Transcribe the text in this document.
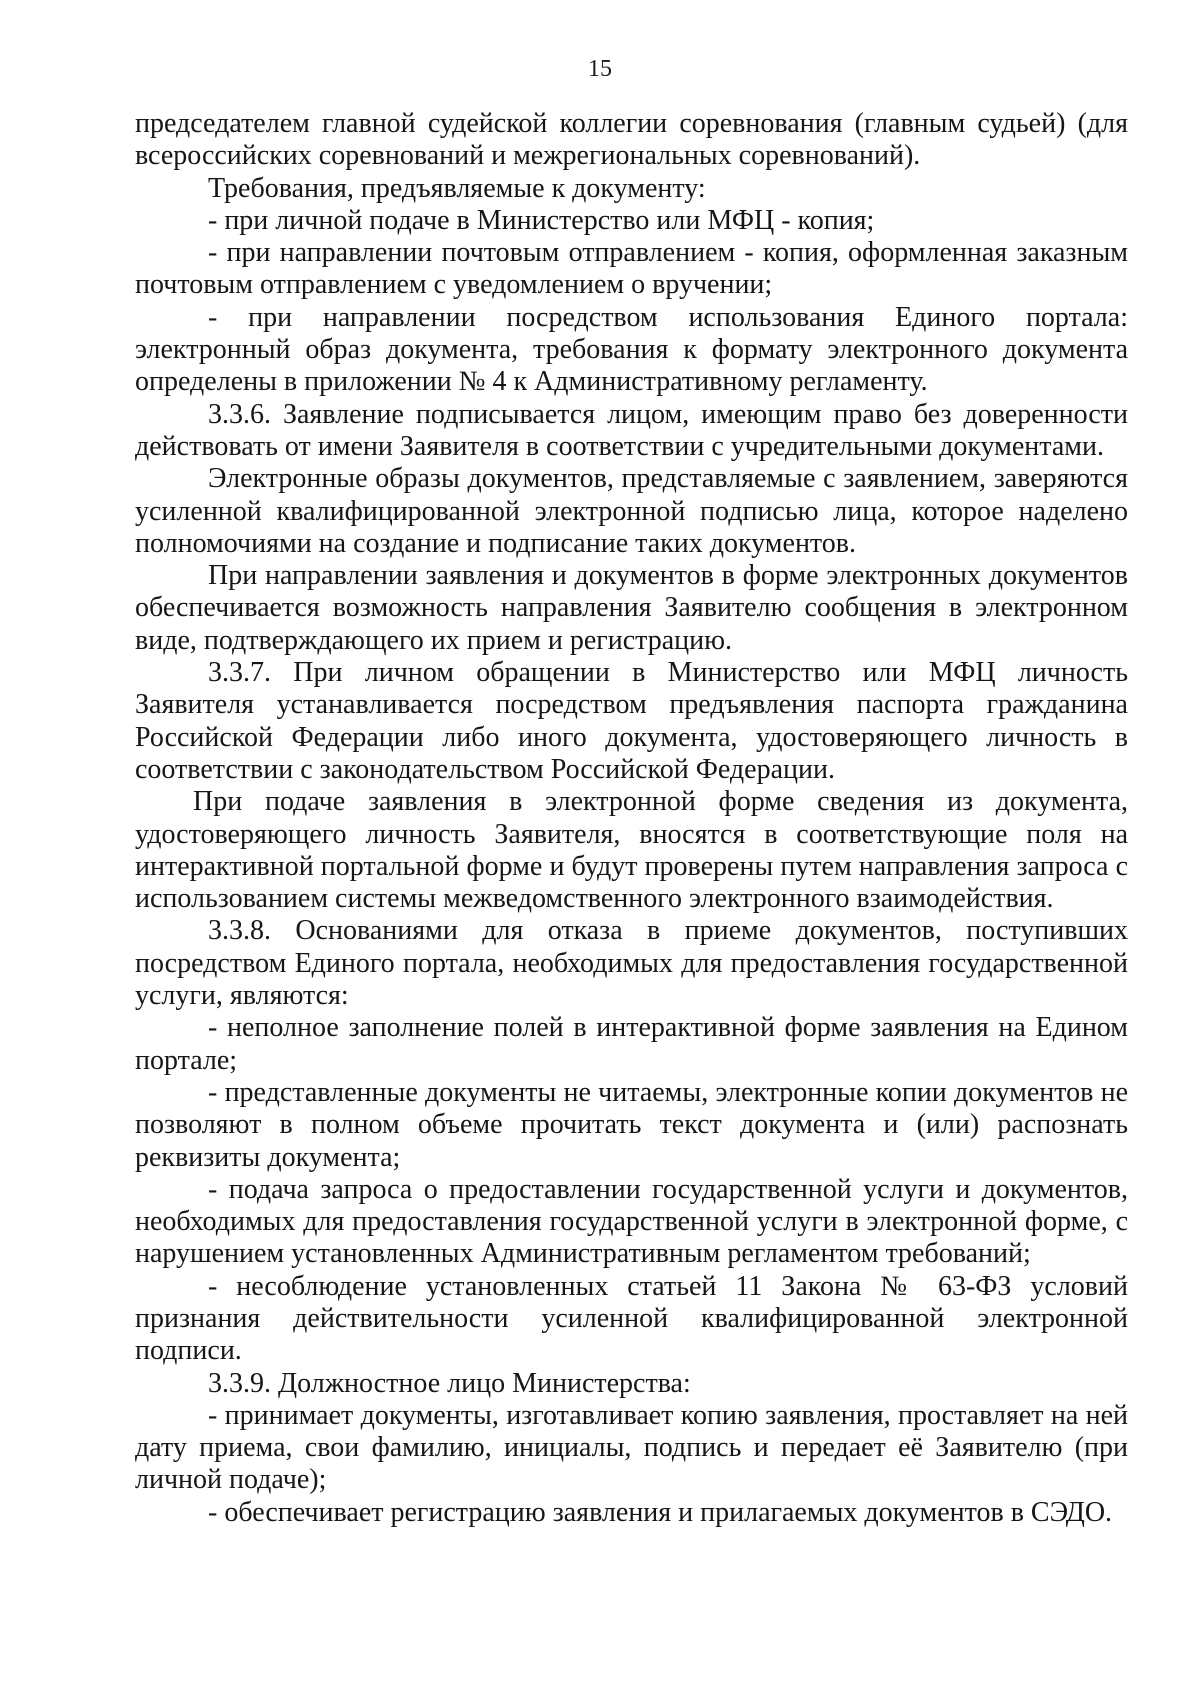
15

председателем главной судейской коллегии соревнования (главным судьей) (для всероссийских соревнований и межрегиональных соревнований).

Требования, предъявляемые к документу:

- при личной подаче в Министерство или МФЦ - копия;

- при направлении почтовым отправлением - копия, оформленная заказным почтовым отправлением с уведомлением о вручении;

- при направлении посредством использования Единого портала: электронный образ документа, требования к формату электронного документа определены в приложении № 4 к Административному регламенту.

3.3.6. Заявление подписывается лицом, имеющим право без доверенности действовать от имени Заявителя в соответствии с учредительными документами.

Электронные образы документов, представляемые с заявлением, заверяются усиленной квалифицированной электронной подписью лица, которое наделено полномочиями на создание и подписание таких документов.

При направлении заявления и документов в форме электронных документов обеспечивается возможность направления Заявителю сообщения в электронном виде, подтверждающего их прием и регистрацию.

3.3.7. При личном обращении в Министерство или МФЦ личность Заявителя устанавливается посредством предъявления паспорта гражданина Российской Федерации либо иного документа, удостоверяющего личность в соответствии с законодательством Российской Федерации.

При подаче заявления в электронной форме сведения из документа, удостоверяющего личность Заявителя, вносятся в соответствующие поля на интерактивной портальной форме и будут проверены путем направления запроса с использованием системы межведомственного электронного взаимодействия.

3.3.8. Основаниями для отказа в приеме документов, поступивших посредством Единого портала, необходимых для предоставления государственной услуги, являются:

- неполное заполнение полей в интерактивной форме заявления на Едином портале;

- представленные документы не читаемы, электронные копии документов не позволяют в полном объеме прочитать текст документа и (или) распознать реквизиты документа;

- подача запроса о предоставлении государственной услуги и документов, необходимых для предоставления государственной услуги в электронной форме, с нарушением установленных Административным регламентом требований;

- несоблюдение установленных статьей 11 Закона № 63-ФЗ условий признания действительности усиленной квалифицированной электронной подписи.

3.3.9. Должностное лицо Министерства:

- принимает документы, изготавливает копию заявления, проставляет на ней дату приема, свои фамилию, инициалы, подпись и передает её Заявителю (при личной подаче);

- обеспечивает регистрацию заявления и прилагаемых документов в СЭДО.
